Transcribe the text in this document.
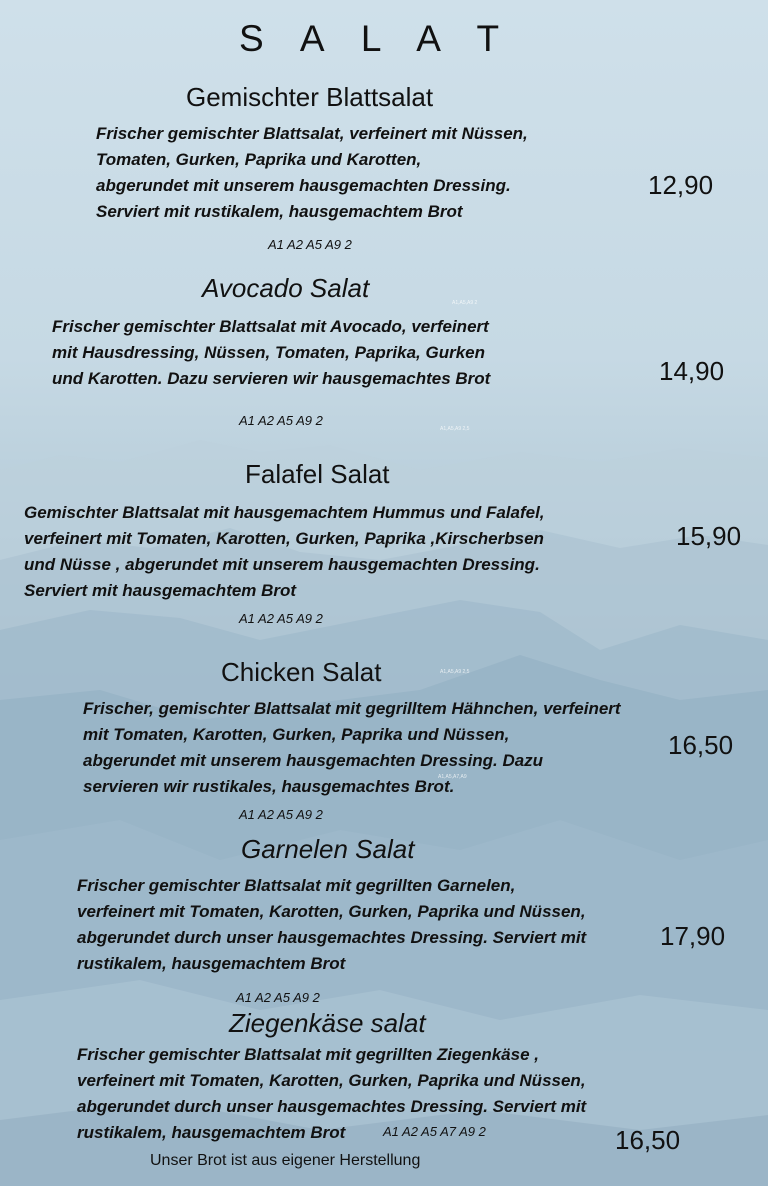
S A L A T
Gemischter Blattsalat
Frischer gemischter Blattsalat, verfeinert mit Nüssen,
Tomaten, Gurken, Paprika und Karotten,
abgerundet mit unserem hausgemachten Dressing.
Serviert mit rustikalem, hausgemachtem Brot
A1 A2 A5 A9 2
12,90
Avocado Salat	A1,A5,A9 2
Frischer gemischter Blattsalat mit Avocado, verfeinert
mit Hausdressing, Nüssen, Tomaten, Paprika, Gurken
und Karotten. Dazu servieren wir hausgemachtes Brot
A1 A2 A5 A9 2
A1,A5,A9 2,5
14,90
Falafel Salat
Gemischter Blattsalat mit hausgemachtem Hummus und Falafel,
verfeinert mit Tomaten, Karotten, Gurken, Paprika ,Kirscherbsen
und Nüsse , abgerundet mit unserem hausgemachten Dressing.
Serviert mit hausgemachtem Brot
A1 A2 A5 A9 2
15,90
Chicken Salat	A1,A5,A9 2,5
Frischer, gemischter Blattsalat mit gegrilltem Hähnchen, verfeinert
mit Tomaten, Karotten, Gurken, Paprika und Nüssen,
abgerundet mit unserem hausgemachten Dressing. Dazu
servieren wir rustikales, hausgemachtes Brot.
A1,A5,A7,A9
A1 A2 A5 A9 2
16,50
Garnelen Salat
Frischer gemischter Blattsalat mit gegrillten Garnelen,
verfeinert mit Tomaten, Karotten, Gurken, Paprika und Nüssen,
abgerundet durch unser hausgemachtes Dressing. Serviert mit
rustikalem, hausgemachtem Brot
A1 A2 A5 A9 2
17,90
Ziegenkäse salat
Frischer gemischter Blattsalat mit gegrillten Ziegenkäse ,
verfeinert mit Tomaten, Karotten, Gurken, Paprika und Nüssen,
abgerundet durch unser hausgemachtes Dressing. Serviert mit
rustikalem, hausgemachtem Brot	A1 A2 A5 A7 A9 2	16,50
Unser Brot ist aus eigener Herstellung
